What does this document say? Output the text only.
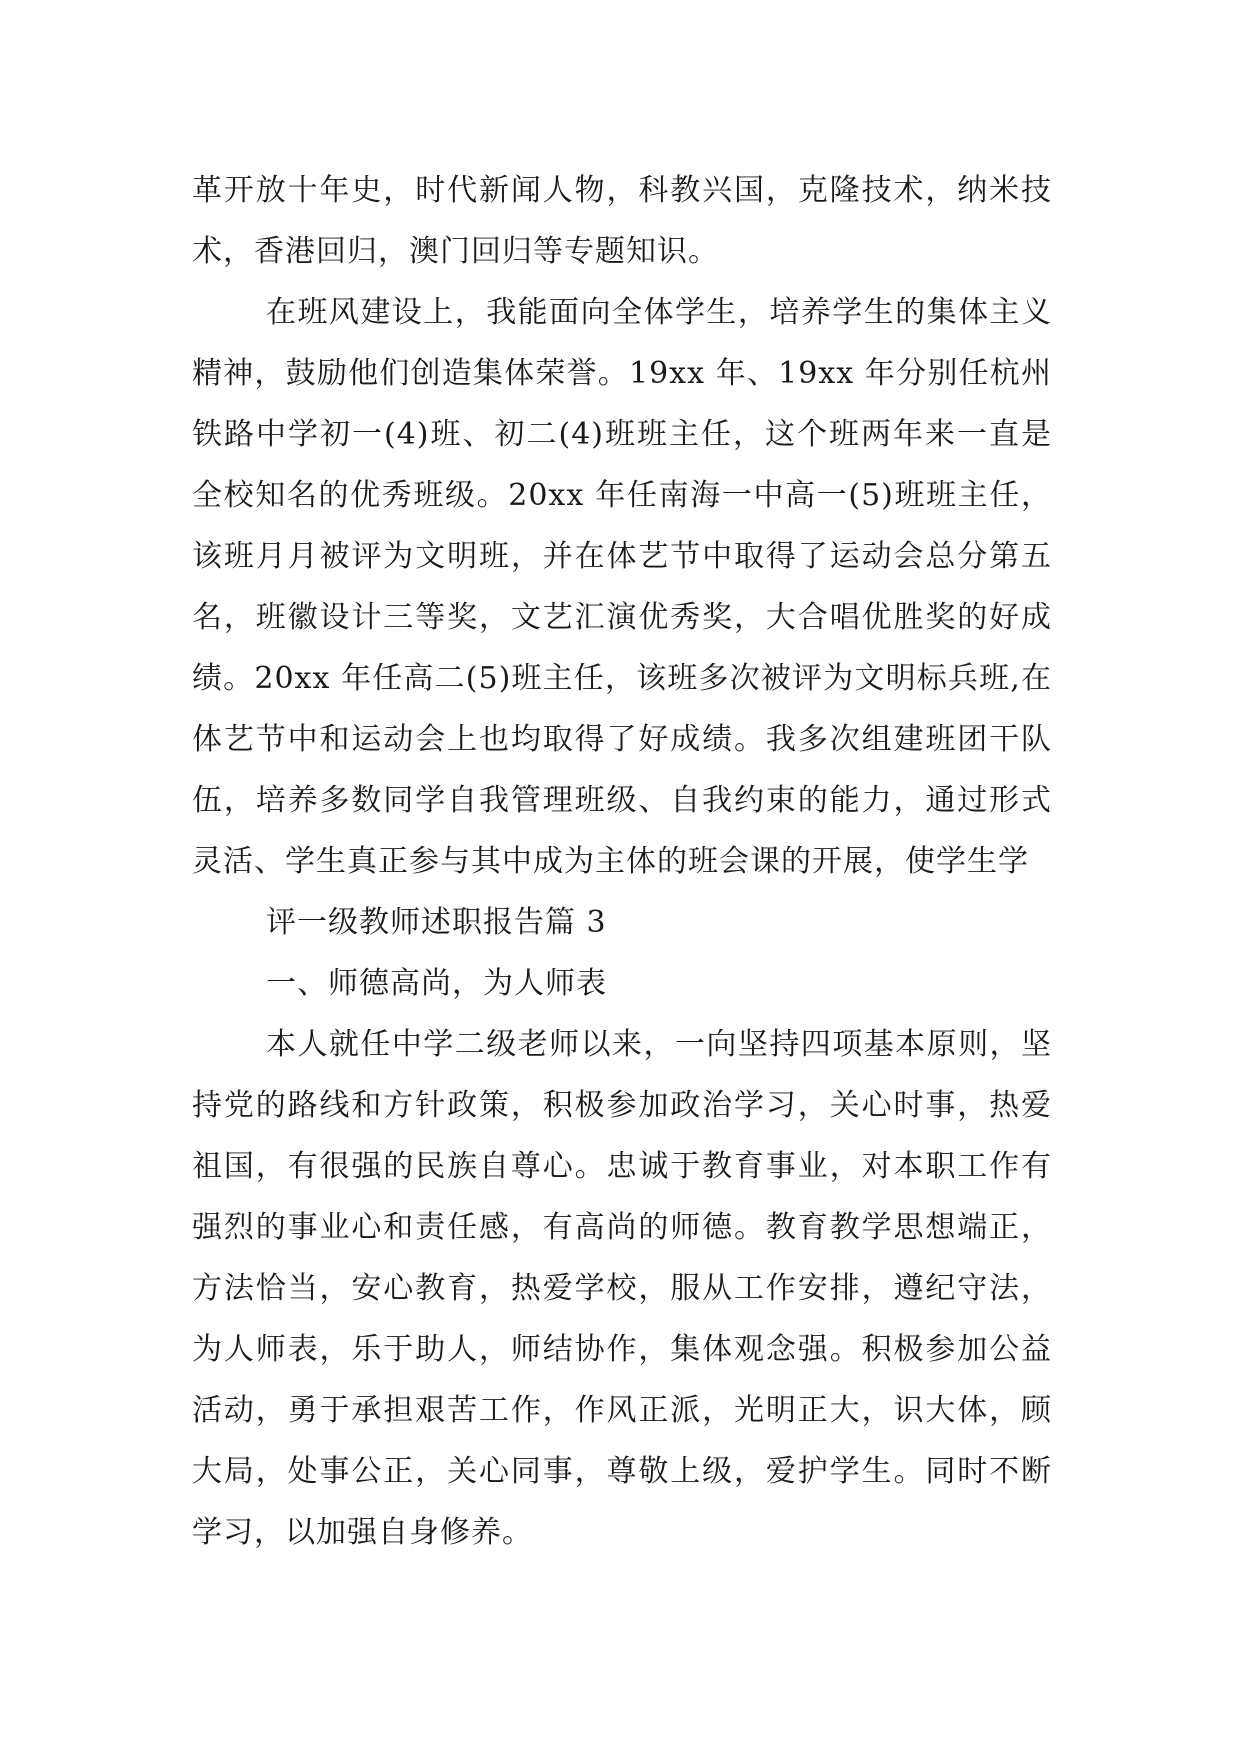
革开放十年史，时代新闻人物，科教兴国，克隆技术，纳米技术，香港回归，澳门回归等专题知识。

在班风建设上，我能面向全体学生，培养学生的集体主义精神，鼓励他们创造集体荣誉。19xx 年、19xx 年分别任杭州铁路中学初一(4)班、初二(4)班班主任，这个班两年来一直是全校知名的优秀班级。20xx 年任南海一中高一(5)班班主任，该班月月被评为文明班，并在体艺节中取得了运动会总分第五名，班徽设计三等奖，文艺汇演优秀奖，大合唱优胜奖的好成绩。20xx 年任高二(5)班主任，该班多次被评为文明标兵班,在体艺节中和运动会上也均取得了好成绩。我多次组建班团干队伍，培养多数同学自我管理班级、自我约束的能力，通过形式灵活、学生真正参与其中成为主体的班会课的开展，使学生学

评一级教师述职报告篇 3

一、师德高尚，为人师表

本人就任中学二级老师以来，一向坚持四项基本原则，坚持党的路线和方针政策，积极参加政治学习，关心时事，热爱祖国，有很强的民族自尊心。忠诚于教育事业，对本职工作有强烈的事业心和责任感，有高尚的师德。教育教学思想端正，方法恰当，安心教育，热爱学校，服从工作安排，遵纪守法，为人师表，乐于助人，师结协作，集体观念强。积极参加公益活动，勇于承担艰苦工作，作风正派，光明正大，识大体，顾大局，处事公正，关心同事，尊敬上级，爱护学生。同时不断学习，以加强自身修养。
